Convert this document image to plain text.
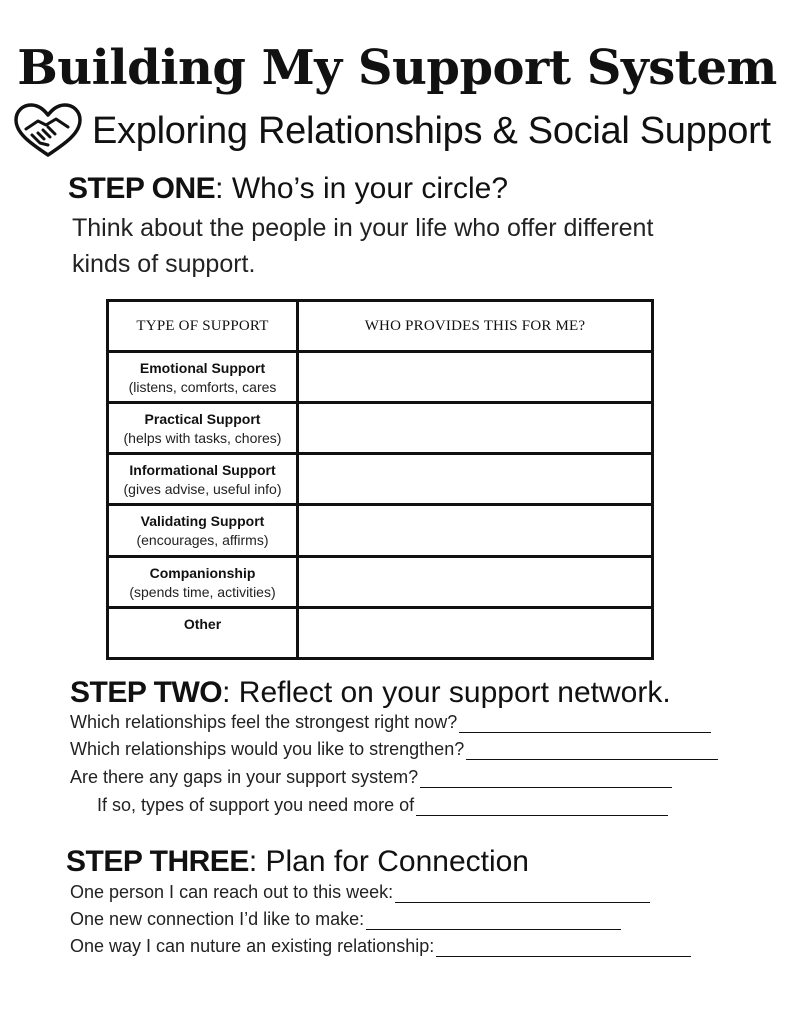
Building My Support System
Exploring Relationships & Social Support
STEP ONE: Who’s in your circle?
Think about the people in your life who offer different kinds of support.
TYPE OF SUPPORT	WHO PROVIDES THIS FOR ME?

Emotional Support
(listens, comforts, cares	

Practical Support
(helps with tasks, chores)	

Informational Support
(gives advise, useful info)	

Validating Support
(encourages, affirms)	

Companionship
(spends time, activities)	

Other	

STEP TWO: Reflect on your support network.
Which relationships feel the strongest right now?
Which relationships would you like to strengthen?
Are there any gaps in your support system?
If so, types of support you need more of
STEP THREE: Plan for Connection
One person I can reach out to this week:
One new connection I’d like to make:
One way I can nuture an existing relationship:
